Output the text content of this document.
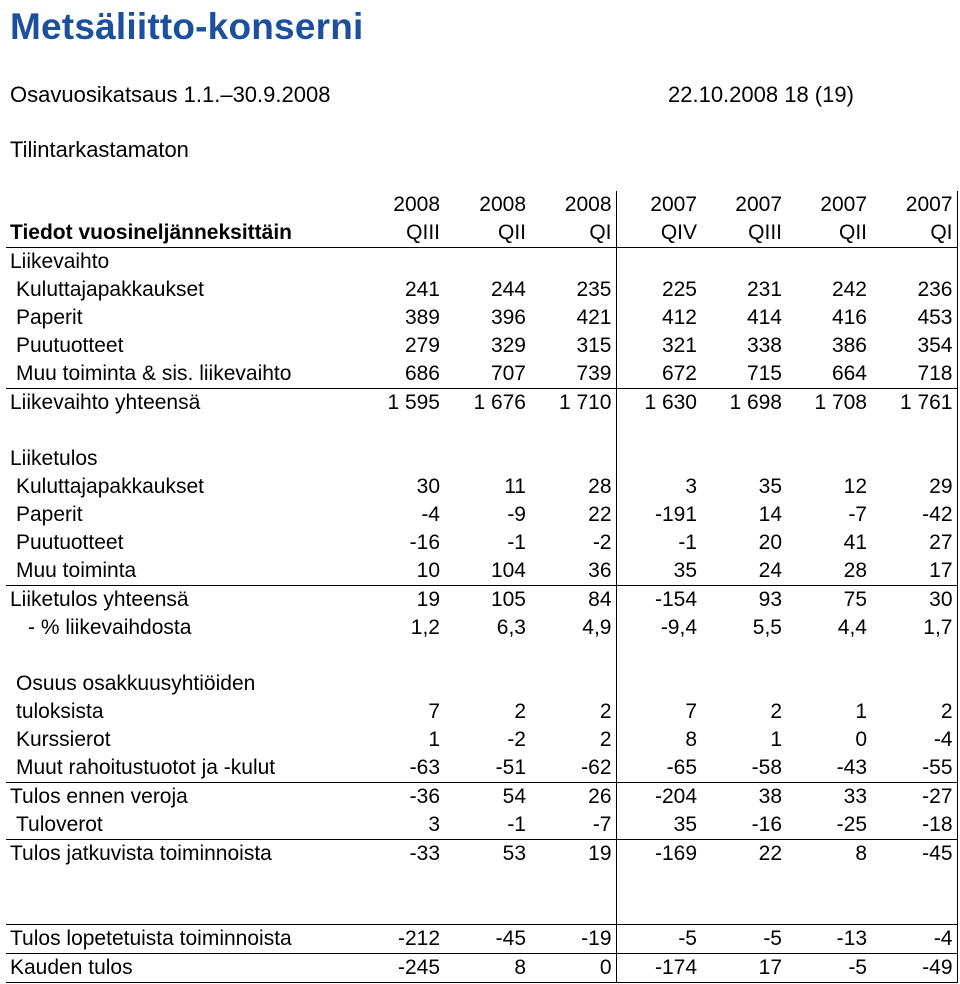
Metsäliitto-konserni
Osavuosikatsaus 1.1.–30.9.2008	22.10.2008 18 (19)
Tilintarkastamaton
	2008	2008	2008	2007	2007	2007	2007
Tiedot vuosineljänneksittäin	QIII	QII	QI	QIV	QIII	QII	QI
Liikevaihto							
Kuluttajapakkaukset	241	244	235	225	231	242	236
Paperit	389	396	421	412	414	416	453
Puutuotteet	279	329	315	321	338	386	354
Muu toiminta & sis. liikevaihto	686	707	739	672	715	664	718
Liikevaihto yhteensä	1 595	1 676	1 710	1 630	1 698	1 708	1 761

Liiketulos							
Kuluttajapakkaukset	30	11	28	3	35	12	29
Paperit	-4	-9	22	-191	14	-7	-42
Puutuotteet	-16	-1	-2	-1	20	41	27
Muu toiminta	10	104	36	35	24	28	17
Liiketulos yhteensä	19	105	84	-154	93	75	30
- % liikevaihdosta	1,2	6,3	4,9	-9,4	5,5	4,4	1,7

Osuus osakkuusyhtiöiden							
tuloksista	7	2	2	7	2	1	2
Kurssierot	1	-2	2	8	1	0	-4
Muut rahoitustuotot ja -kulut	-63	-51	-62	-65	-58	-43	-55
Tulos ennen veroja	-36	54	26	-204	38	33	-27
Tuloverot	3	-1	-7	35	-16	-25	-18
Tulos jatkuvista toiminnoista	-33	53	19	-169	22	8	-45

Tulos lopetetuista toiminnoista	-212	-45	-19	-5	-5	-13	-4
Kauden tulos	-245	8	0	-174	17	-5	-49
